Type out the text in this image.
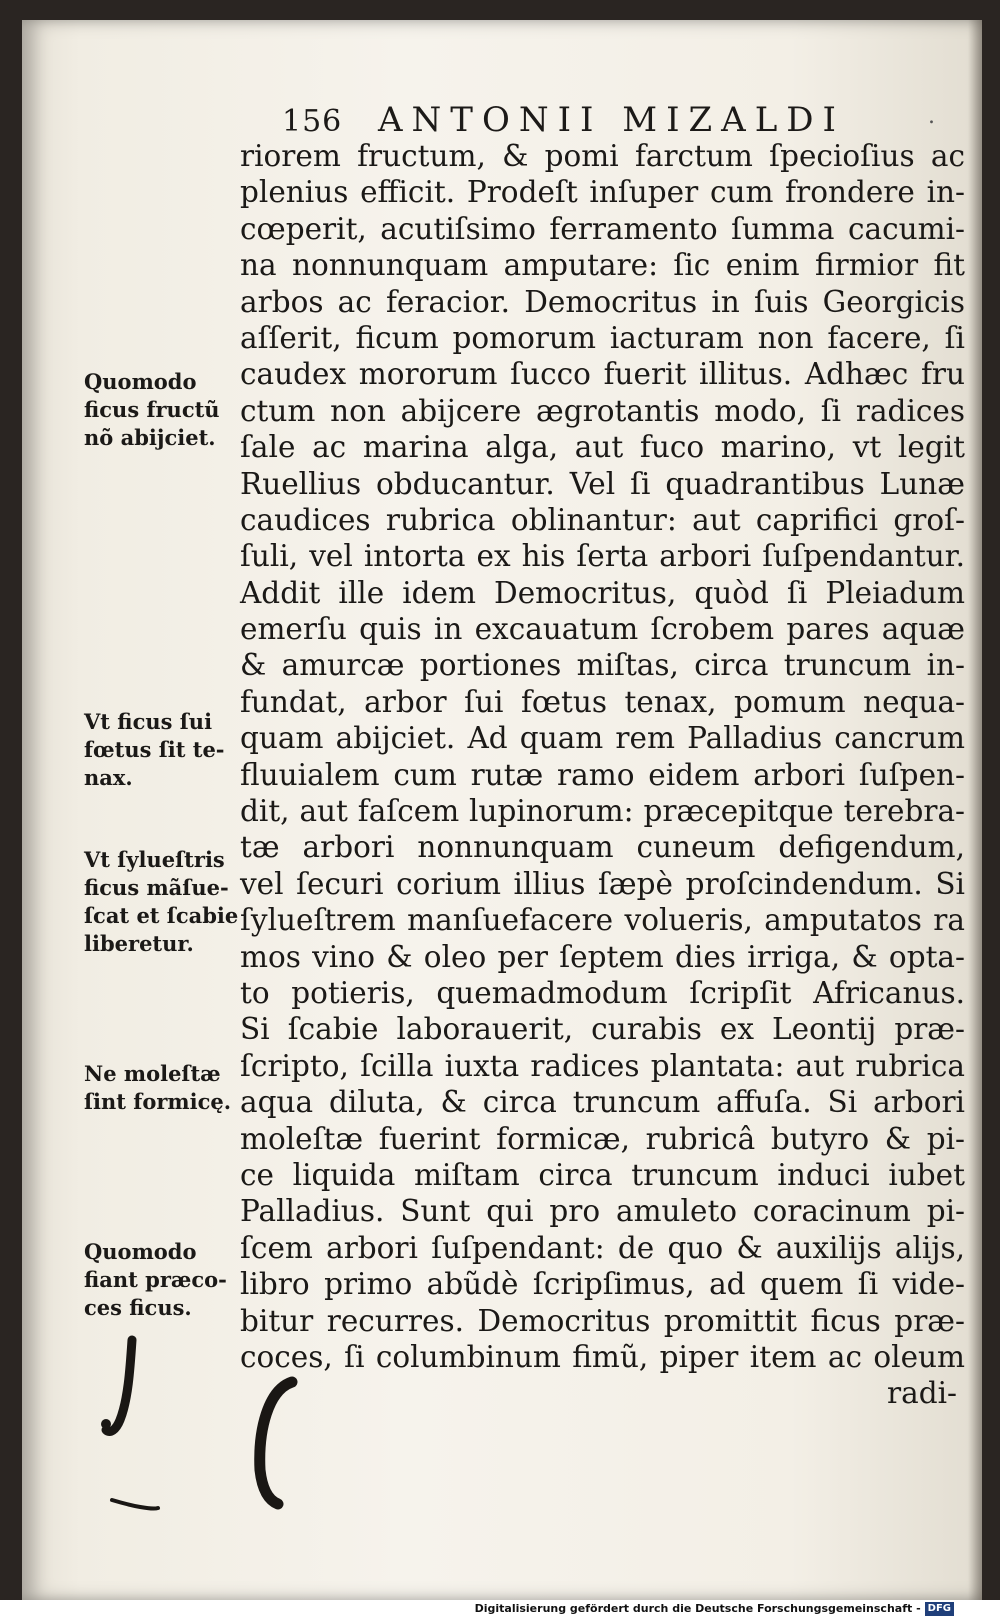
156 ANTONII MIZALDI	.
riorem fructum, & pomi farctum ſpecioſius ac
plenius efficit. Prodeſt inſuper cum frondere in-
cœperit, acutiſsimo ferramento ſumma cacumi-
na nonnunquam amputare: ſic enim firmior fit
arbos ac feracior. Democritus in ſuis Georgicis
aſſerit, ficum pomorum iacturam non facere, ſi
caudex mororum ſucco fuerit illitus. Adhæc fru
ctum non abijcere ægrotantis modo, ſi radices
ſale ac marina alga, aut fuco marino, vt legit
Ruellius obducantur. Vel ſi quadrantibus Lunæ
caudices rubrica oblinantur: aut caprifici groſ-
ſuli, vel intorta ex his ſerta arbori ſuſpendantur.
Addit ille idem Democritus, quòd ſi Pleiadum
emerſu quis in excauatum ſcrobem pares aquæ
& amurcæ portiones miſtas, circa truncum in-
fundat, arbor ſui fœtus tenax, pomum nequa-
quam abijciet. Ad quam rem Palladius cancrum
fluuialem cum rutæ ramo eidem arbori ſuſpen-
dit, aut faſcem lupinorum: præcepitque terebra-
tæ arbori nonnunquam cuneum defigendum,
vel ſecuri corium illius ſæpè proſcindendum. Si
ſylueſtrem manſuefacere volueris, amputatos ra
mos vino & oleo per ſeptem dies irriga, & opta-
to potieris, quemadmodum ſcripſit Africanus.
Si ſcabie laborauerit, curabis ex Leontij præ-
ſcripto, ſcilla iuxta radices plantata: aut rubrica
aqua diluta, & circa truncum affuſa. Si arbori
moleſtæ fuerint formicæ, rubricâ butyro & pi-
ce liquida miſtam circa truncum induci iubet
Palladius. Sunt qui pro amuleto coracinum pi-
ſcem arbori ſuſpendant: de quo & auxilijs alijs,
libro primo abũdè ſcripſimus, ad quem ſi vide-
bitur recurres. Democritus promittit ficus præ-
coces, ſi columbinum fimũ, piper item ac oleum
radi-
Quomodo
ficus fructũ
nõ abijciet.
Vt ficus ſui
fœtus ſit te-
nax.
Vt ſylueſtris
ficus mãſue-
ſcat et ſcabie
liberetur.
Ne moleſtæ
ſint formicę.
Quomodo
fiant præco-
ces ficus.
Digitalisierung gefördert durch die Deutsche Forschungsgemeinschaft - DFG
